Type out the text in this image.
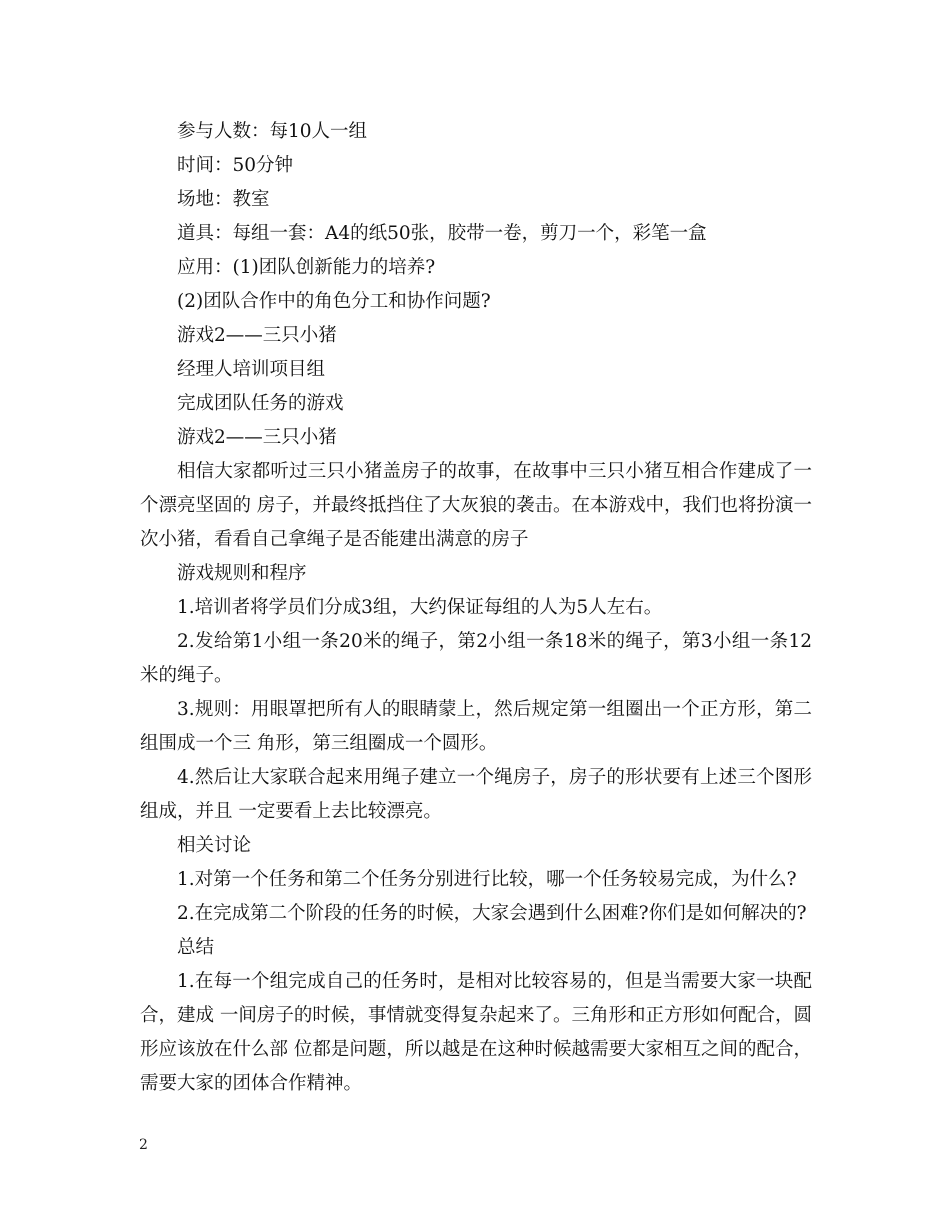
参与人数：每10人一组

时间：50分钟

场地：教室

道具：每组一套：A4的纸50张，胶带一卷，剪刀一个，彩笔一盒

应用：(1)团队创新能力的培养?

(2)团队合作中的角色分工和协作问题?

游戏2——三只小猪

经理人培训项目组

完成团队任务的游戏

游戏2——三只小猪

相信大家都听过三只小猪盖房子的故事，在故事中三只小猪互相合作建成了一个漂亮坚固的 房子，并最终抵挡住了大灰狼的袭击。在本游戏中，我们也将扮演一次小猪，看看自己拿绳子是否能建出满意的房子

游戏规则和程序

1.培训者将学员们分成3组，大约保证每组的人为5人左右。

2.发给第1小组一条20米的绳子，第2小组一条18米的绳子，第3小组一条12米的绳子。

3.规则：用眼罩把所有人的眼睛蒙上，然后规定第一组圈出一个正方形，第二组围成一个三 角形，第三组圈成一个圆形。

4.然后让大家联合起来用绳子建立一个绳房子，房子的形状要有上述三个图形组成，并且 一定要看上去比较漂亮。

相关讨论

1.对第一个任务和第二个任务分别进行比较，哪一个任务较易完成，为什么?

2.在完成第二个阶段的任务的时候，大家会遇到什么困难?你们是如何解决的?

总结

1.在每一个组完成自己的任务时，是相对比较容易的，但是当需要大家一块配合，建成 一间房子的时候，事情就变得复杂起来了。三角形和正方形如何配合，圆形应该放在什么部 位都是问题，所以越是在这种时候越需要大家相互之间的配合，需要大家的团体合作精神。

2
